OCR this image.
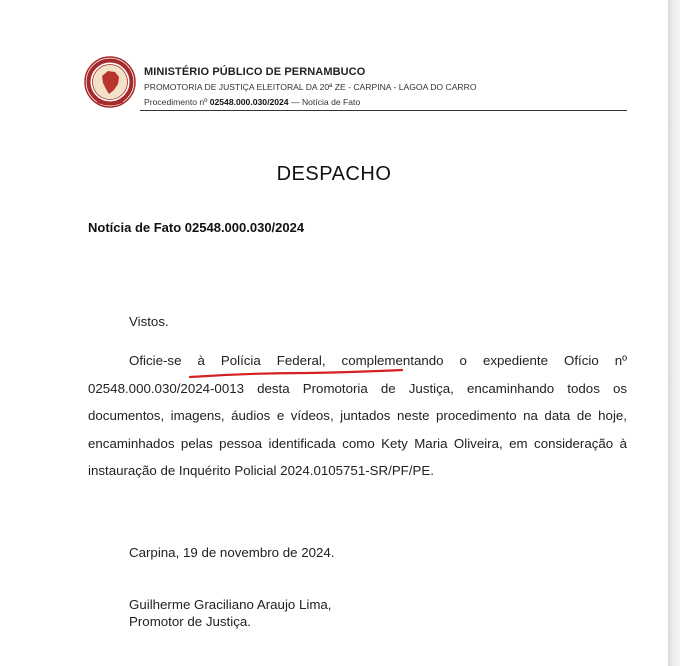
MINISTÉRIO PÚBLICO DE PERNAMBUCO
PROMOTORIA DE JUSTIÇA ELEITORAL DA 20ª ZE - CARPINA - LAGOA DO CARRO
Procedimento nº 02548.000.030/2024 — Notícia de Fato
DESPACHO
Notícia de Fato 02548.000.030/2024
Vistos.
Oficie-se à Polícia Federal, complementando o expediente Ofício nº 02548.000.030/2024-0013 desta Promotoria de Justiça, encaminhando todos os documentos, imagens, áudios e vídeos, juntados neste procedimento na data de hoje, encaminhados pelas pessoa identificada como Kety Maria Oliveira, em consideração à instauração de Inquérito Policial 2024.0105751-SR/PF/PE.
Carpina, 19 de novembro de 2024.
Guilherme Graciliano Araujo Lima,
Promotor de Justiça.
